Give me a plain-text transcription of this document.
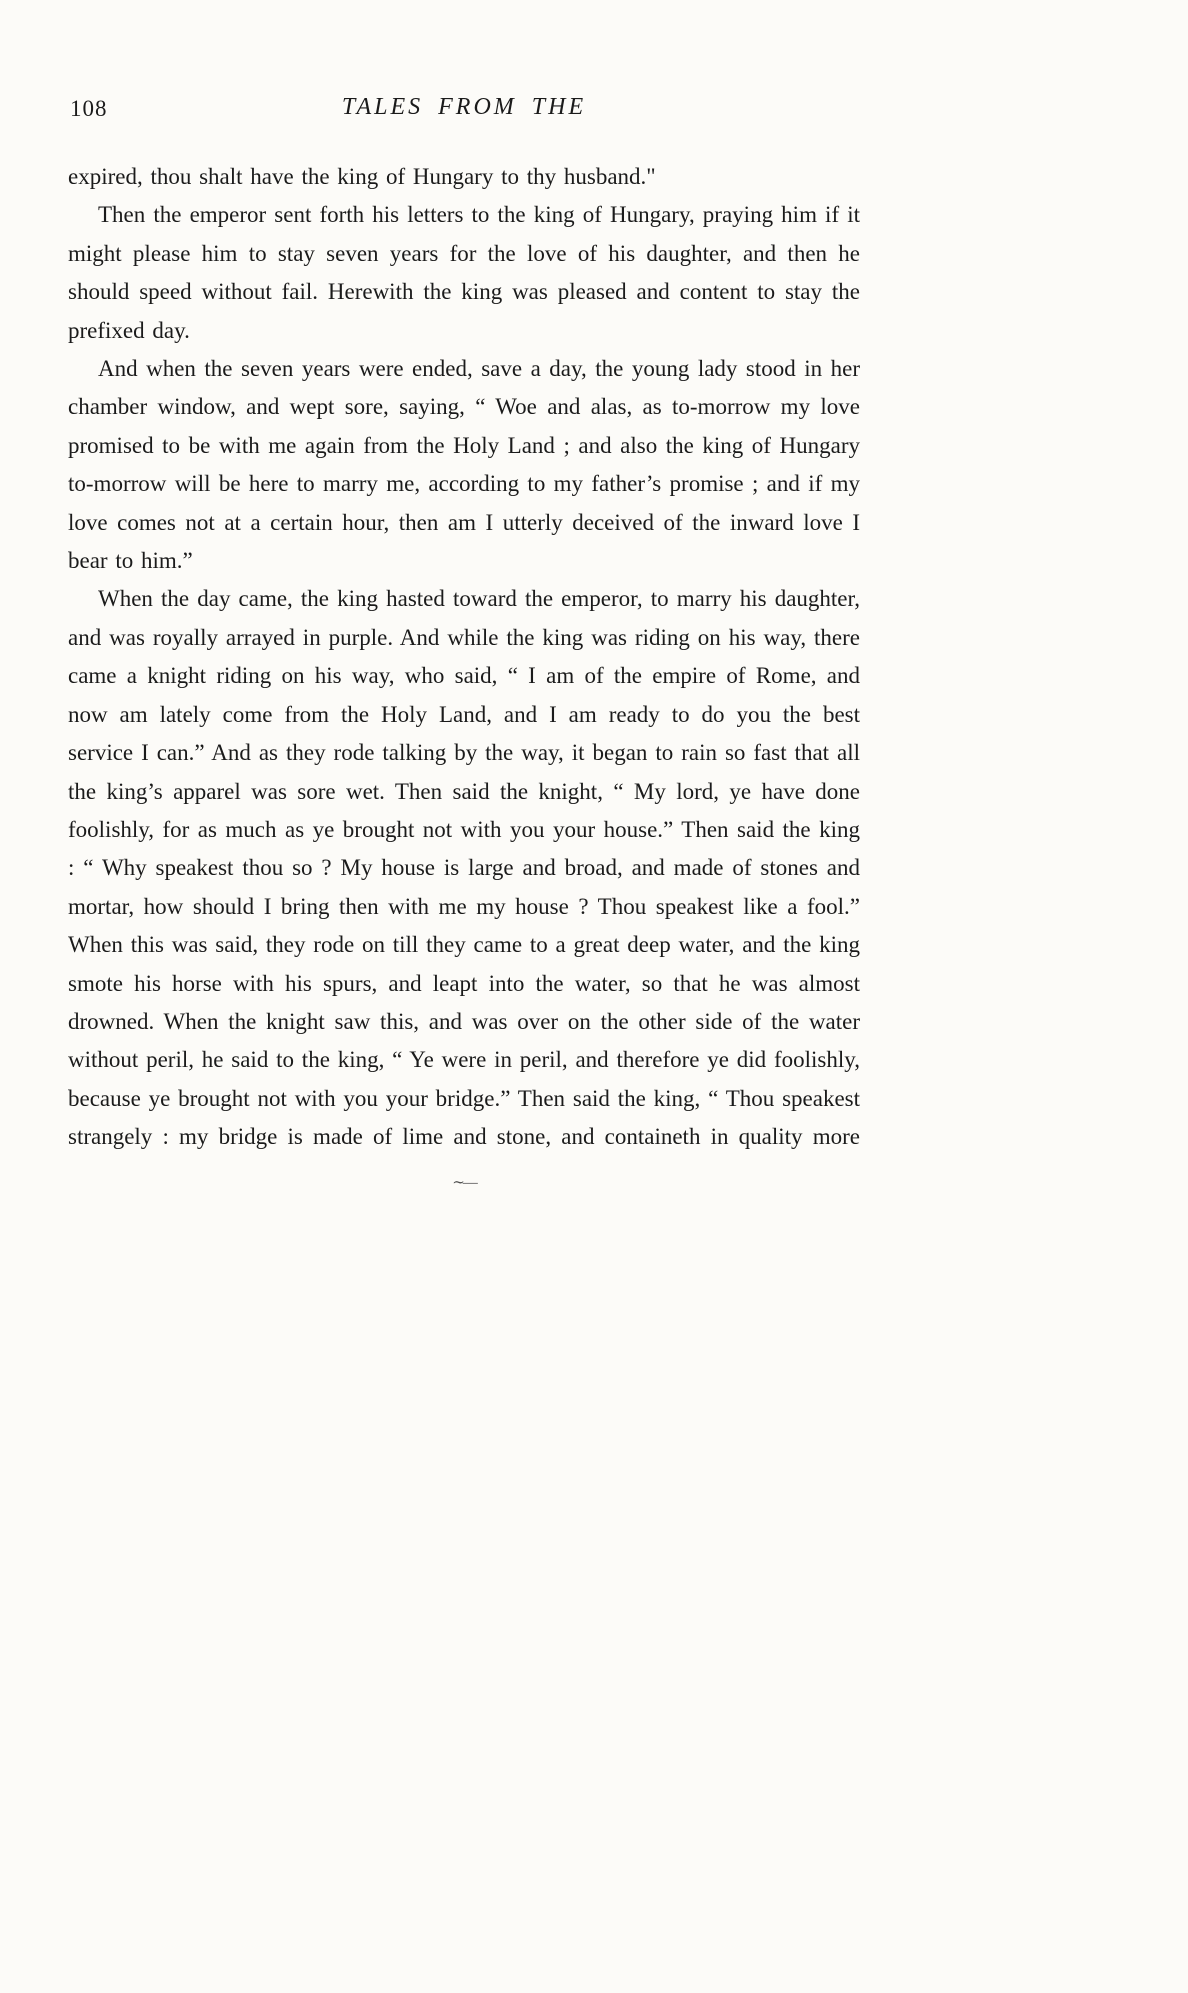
108	TALES FROM THE

expired, thou shalt have the king of Hungary to thy husband."

Then the emperor sent forth his letters to the king of Hungary, praying him if it might please him to stay seven years for the love of his daughter, and then he should speed without fail. Herewith the king was pleased and content to stay the prefixed day.

And when the seven years were ended, save a day, the young lady stood in her chamber window, and wept sore, saying, “ Woe and alas, as to-morrow my love promised to be with me again from the Holy Land ; and also the king of Hungary to-morrow will be here to marry me, according to my father’s promise ; and if my love comes not at a certain hour, then am I utterly deceived of the inward love I bear to him.”

When the day came, the king hasted toward the emperor, to marry his daughter, and was royally arrayed in purple. And while the king was riding on his way, there came a knight riding on his way, who said, “ I am of the empire of Rome, and now am lately come from the Holy Land, and I am ready to do you the best service I can.” And as they rode talking by the way, it began to rain so fast that all the king’s apparel was sore wet. Then said the knight, “ My lord, ye have done foolishly, for as much as ye brought not with you your house.” Then said the king : “ Why speakest thou so ? My house is large and broad, and made of stones and mortar, how should I bring then with me my house ? Thou speakest like a fool.” When this was said, they rode on till they came to a great deep water, and the king smote his horse with his spurs, and leapt into the water, so that he was almost drowned. When the knight saw this, and was over on the other side of the water without peril, he said to the king, “ Ye were in peril, and therefore ye did foolishly, because ye brought not with you your bridge.” Then said the king, “ Thou speakest strangely : my bridge is made of lime and stone, and containeth in quality more

∼—
